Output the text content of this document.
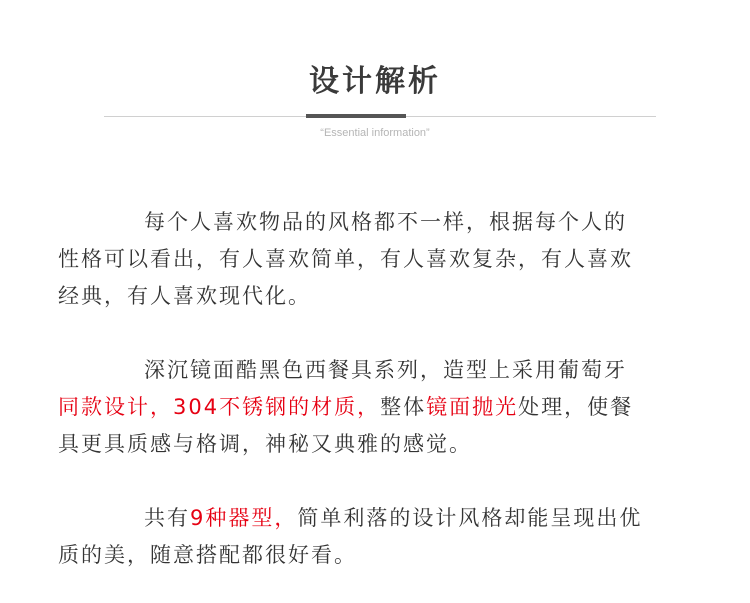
设计解析
“Essential information”

每个人喜欢物品的风格都不一样，根据每个人的
性格可以看出，有人喜欢简单，有人喜欢复杂，有人喜欢
经典，有人喜欢现代化。

深沉镜面酷黑色西餐具系列，造型上采用葡萄牙
同款设计，304不锈钢的材质，整体镜面抛光处理，使餐
具更具质感与格调，神秘又典雅的感觉。

共有9种器型，简单利落的设计风格却能呈现出优
质的美，随意搭配都很好看。
